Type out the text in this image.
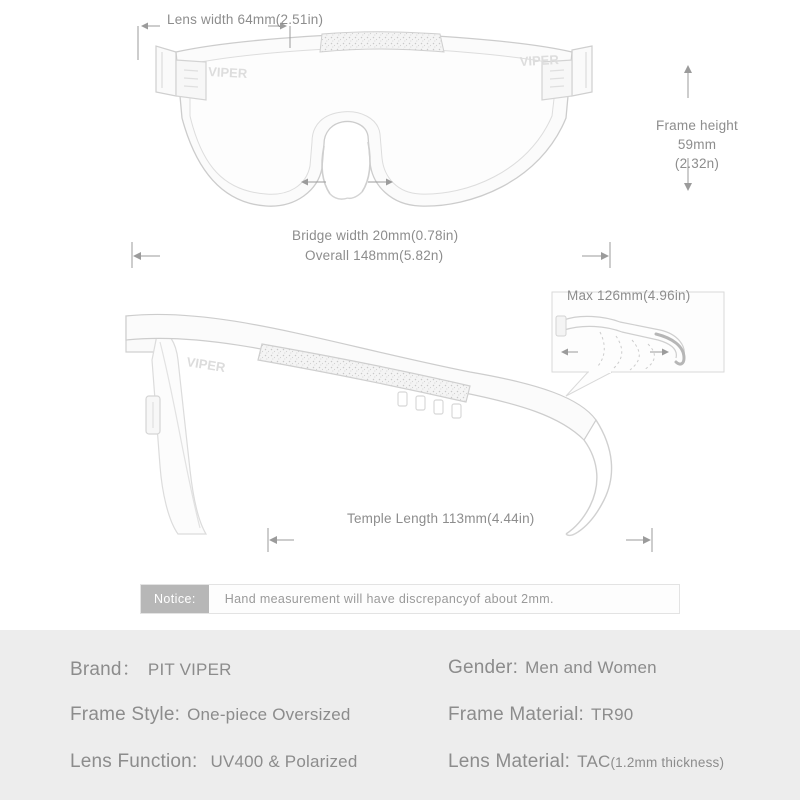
VIPER
VIPER
VIPER
Lens width 64mm(2.51in)
Bridge width 20mm(0.78in)
Overall 148mm(5.82n)
Frame height
59mm
(2.32n)
Max 126mm(4.96in)
Temple Length 113mm(4.44in)
Notice:	Hand measurement will have discrepancyof about 2mm.
Brand： PIT VIPER	Gender: Men and Women
Frame Style: One-piece Oversized	Frame Material: TR90
Lens Function: UV400 & Polarized	Lens Material: TAC(1.2mm thickness)
